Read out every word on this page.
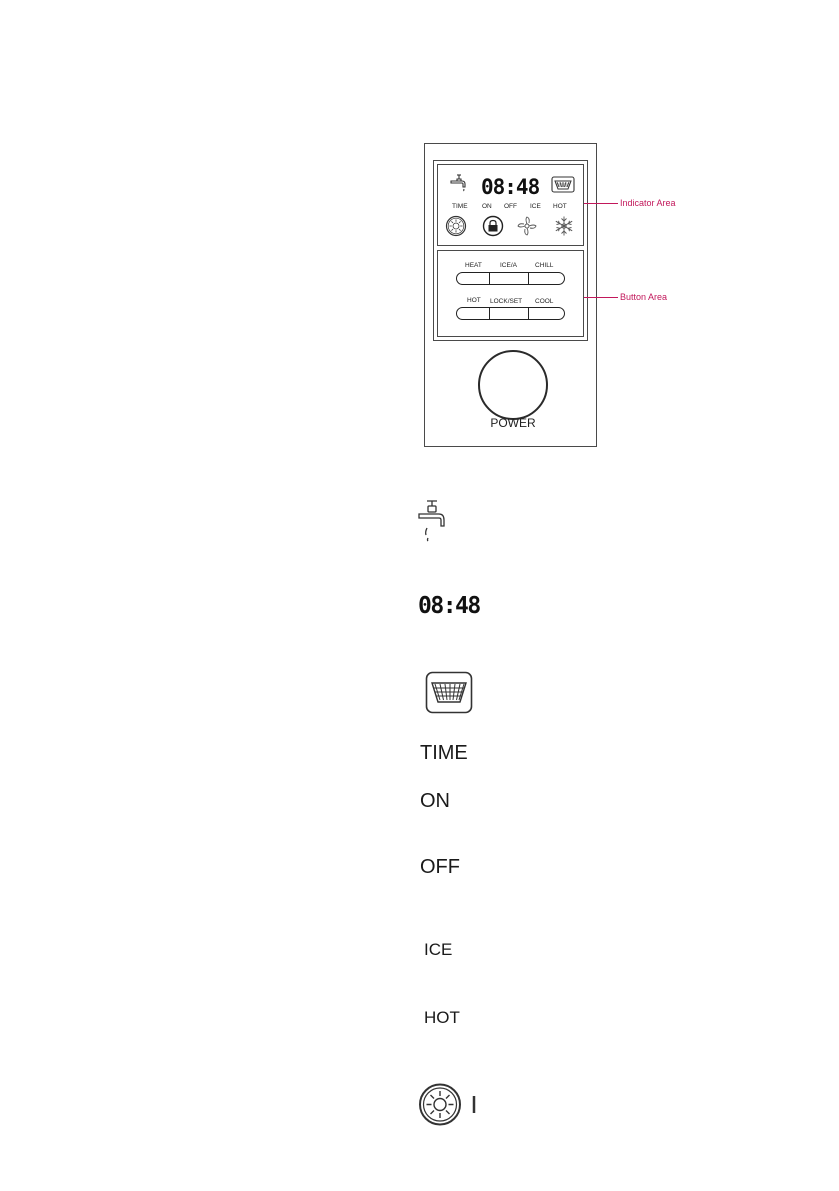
08:48
TIME ON OFF ICE HOT
HEAT	ICE/A	CHILL
HOT LOCK/SET COOL
POWER
Indicator Area
Button Area
08:48
TIME
ON
OFF
ICE
HOT
